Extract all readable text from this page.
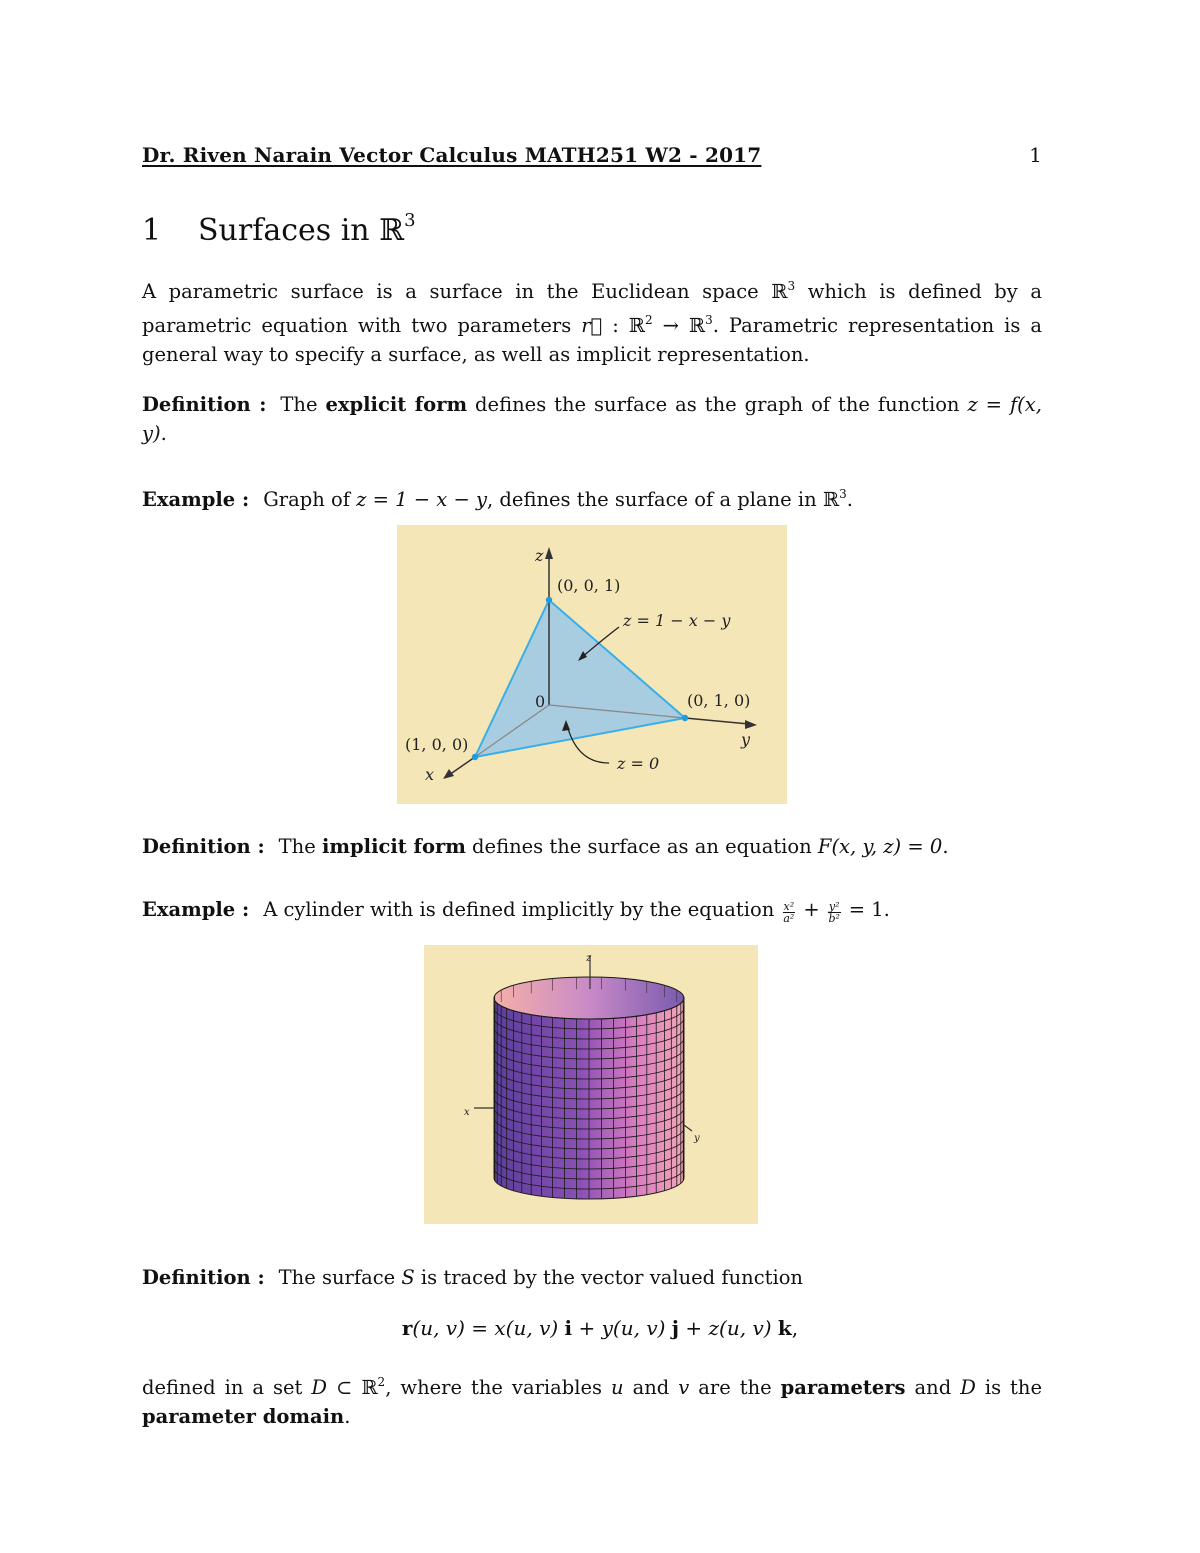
Dr. Riven Narain Vector Calculus MATH251 W2 - 2017	1
1 Surfaces in ℝ$^3$
A parametric surface is a surface in the Euclidean space ℝ$^3$ which is defined by a parametric equation with two parameters r⃗ : ℝ$^2$ → ℝ$^3$. Parametric representation is a general way to specify a surface, as well as implicit representation.
Definition : The explicit form defines the surface as the graph of the function z = f(x, y).
Example : Graph of z = 1 − x − y, defines the surface of a plane in ℝ$^3$.
z
y
x
0
(0, 0, 1)
(0, 1, 0)
(1, 0, 0)
z = 1 − x − y
z = 0
Definition : The implicit form defines the surface as an equation F(x, y, z) = 0.
Example : A cylinder with is defined implicitly by the equation $\frac{\text{x²}}{\text{a²}} + \frac{\text{y²}}{\text{b²}} = 1$.
z
x
y
Definition : The surface S is traced by the vector valued function
r(u, v) = x(u, v) i + y(u, v) j + z(u, v) k,
defined in a set D ⊂ ℝ$^2$, where the variables u and v are the parameters and D is the parameter domain.
